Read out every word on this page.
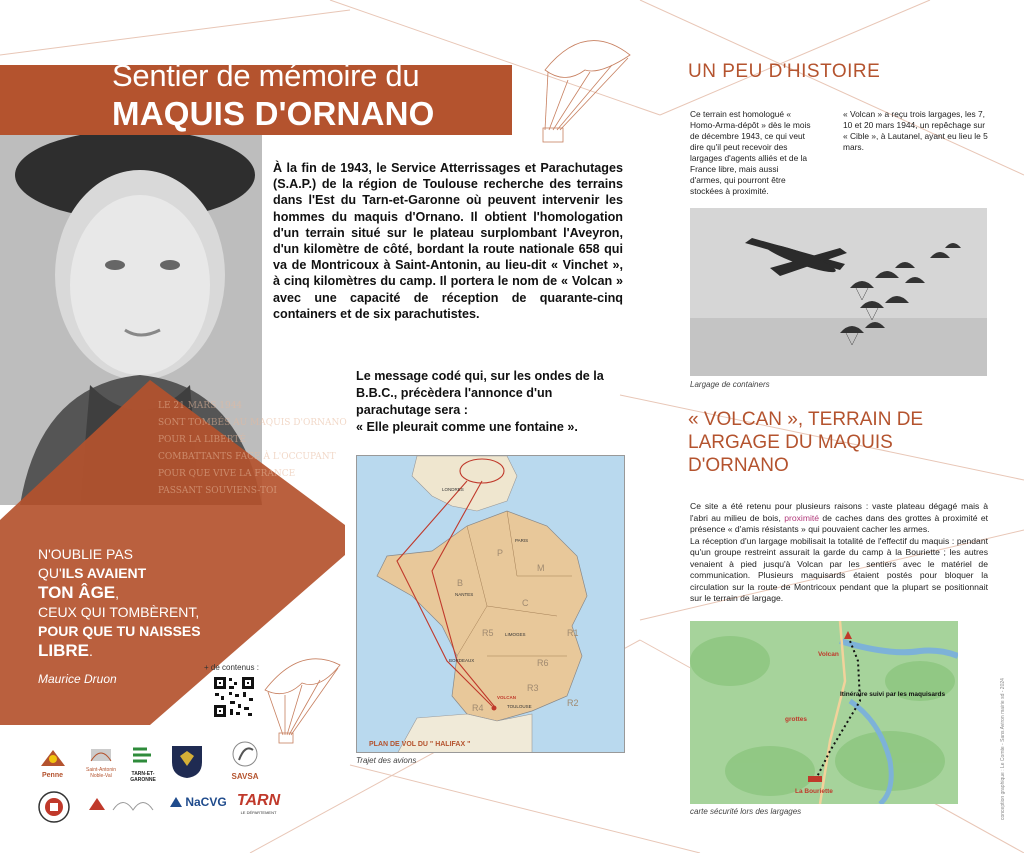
Sentier de mémoire du
MAQUIS D'ORNANO
LE 21 MARS 1944
SONT TOMBÉS AU MAQUIS D'ORNANO
POUR LA LIBERTÉ
COMBATTANTS FACE À L'OCCUPANT
POUR QUE VIVE LA FRANCE
PASSANT SOUVIENS-TOI
N'OUBLIE PAS
QU'ILS AVAIENT
TON ÂGE,
CEUX QUI TOMBÈRENT,
POUR QUE TU NAISSES
LIBRE.
Maurice Druon
+ de contenus :
À la fin de 1943, le Service Atterrissages et Parachutages (S.A.P.) de la région de Toulouse recherche des terrains dans l'Est du Tarn-et-Garonne où peuvent intervenir les hommes du maquis d'Ornano. Il obtient l'homologation d'un terrain situé sur le plateau surplombant l'Aveyron, d'un kilomètre de côté, bordant la route nationale 658 qui va de Montricoux à Saint-Antonin, au lieu-dit « Vinchet », à cinq kilomètres du camp. Il portera le nom de « Volcan » avec une capacité de réception de quarante-cinq containers et de six parachutistes.
Le message codé qui, sur les ondes de la B.B.C., précèdera l'annonce d'un parachutage sera :
« Elle pleurait comme une fontaine ».
LONDRES
PARIS
NANTES
BORDEAUX
TOULOUSE
LIMOGES
VOLCAN
P
B
M
C
R5
R6
R1
R2
R3
R4
PLAN DE VOL DU " HALIFAX "
Trajet des avions
UN PEU D'HISTOIRE
Ce terrain est homologué « Homo-Arma-dépôt » dès le mois de décembre 1943, ce qui veut dire qu'il peut recevoir des largages d'agents alliés et de la France libre, mais aussi d'armes, qui pourront être stockées à proximité.
« Volcan » a reçu trois largages, les 7, 10 et 20 mars 1944, un repêchage sur « Cible », à Lautanel, ayant eu lieu le 5 mars.
Largage de containers
« VOLCAN », TERRAIN DE LARGAGE DU MAQUIS D'ORNANO
Ce site a été retenu pour plusieurs raisons : vaste plateau dégagé mais à l'abri au milieu de bois, proximité de caches dans des grottes à proximité et présence « d'amis résistants » qui pouvaient cacher les armes.
La réception d'un largage mobilisait la totalité de l'effectif du maquis : pendant qu'un groupe restreint assurait la garde du camp à la Bouriette ; les autres venaient à pied jusqu'à Volcan par les sentiers avec le matériel de communication. Plusieurs maquisards étaient postés pour bloquer la circulation sur la route de Montricoux pendant que la plupart se positionnait sur le terrain de largage.
Volcan
Itinéraire suivi par les maquisards
La Bouriette
grottes
carte sécurité lors des largages	conception graphique : Le Comte - Sans Aviron mairie sd - 2024
Penne
Saint-Antonin Noble-Val	TARN-ET-GARONNE	SAVSA
NaCVG TARN
LE DÉPARTEMENT
